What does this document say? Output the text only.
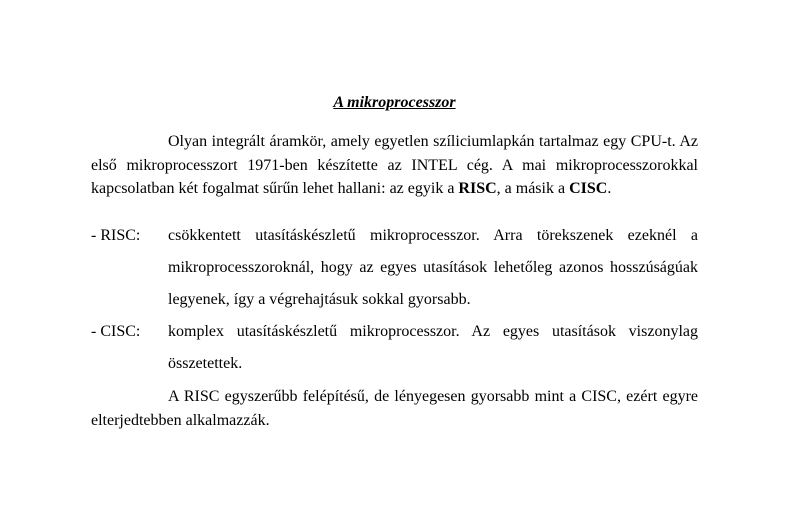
A mikroprocesszor
Olyan integrált áramkör, amely egyetlen szíliciumlapkán tartalmaz egy CPU-t. Az első mikroprocesszort 1971-ben készítette az INTEL cég. A mai mikroprocesszorokkal kapcsolatban két fogalmat sűrűn lehet hallani: az egyik a RISC, a másik a CISC.
- RISC: csökkentett utasításkészletű mikroprocesszor. Arra törekszenek ezeknél a mikroprocesszoroknál, hogy az egyes utasítások lehetőleg azonos hosszúságúak legyenek, így a végrehajtásuk sokkal gyorsabb.
- CISC: komplex utasításkészletű mikroprocesszor. Az egyes utasítások viszonylag összetettek.
A RISC egyszerűbb felépítésű, de lényegesen gyorsabb mint a CISC, ezért egyre elterjedtebben alkalmazzák.
